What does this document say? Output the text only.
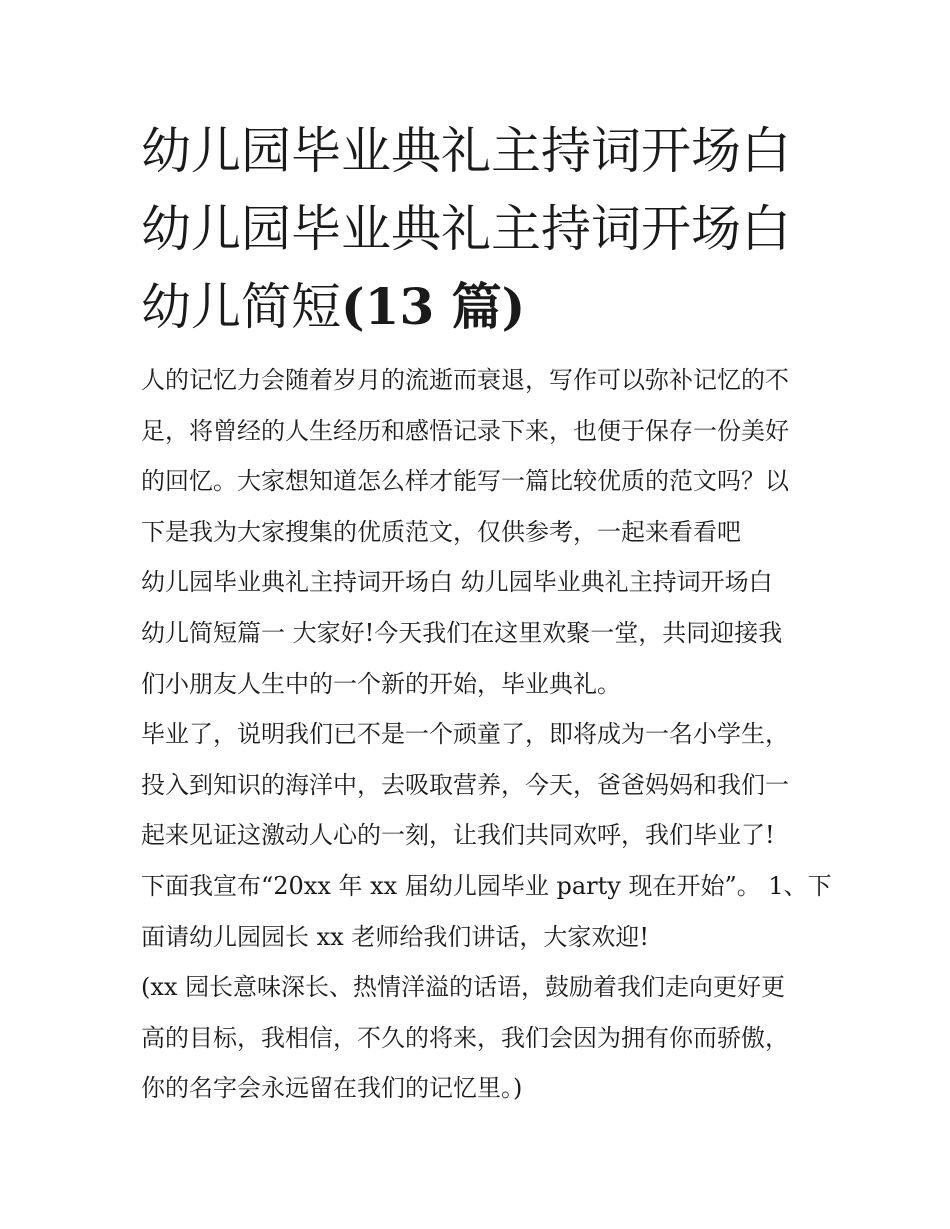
幼儿园毕业典礼主持词开场白
幼儿园毕业典礼主持词开场白
幼儿简短(13 篇)
人的记忆力会随着岁月的流逝而衰退，写作可以弥补记忆的不
足，将曾经的人生经历和感悟记录下来，也便于保存一份美好
的回忆。大家想知道怎么样才能写一篇比较优质的范文吗？以
下是我为大家搜集的优质范文，仅供参考，一起来看看吧
幼儿园毕业典礼主持词开场白 幼儿园毕业典礼主持词开场白
幼儿简短篇一 大家好!今天我们在这里欢聚一堂，共同迎接我
们小朋友人生中的一个新的开始，毕业典礼。
毕业了，说明我们已不是一个顽童了，即将成为一名小学生，
投入到知识的海洋中，去吸取营养，今天，爸爸妈妈和我们一
起来见证这激动人心的一刻，让我们共同欢呼，我们毕业了!
下面我宣布“20xx 年 xx 届幼儿园毕业 party 现在开始”。 1、下
面请幼儿园园长 xx 老师给我们讲话，大家欢迎!
(xx 园长意味深长、热情洋溢的话语，鼓励着我们走向更好更
高的目标，我相信，不久的将来，我们会因为拥有你而骄傲，
你的名字会永远留在我们的记忆里。)
